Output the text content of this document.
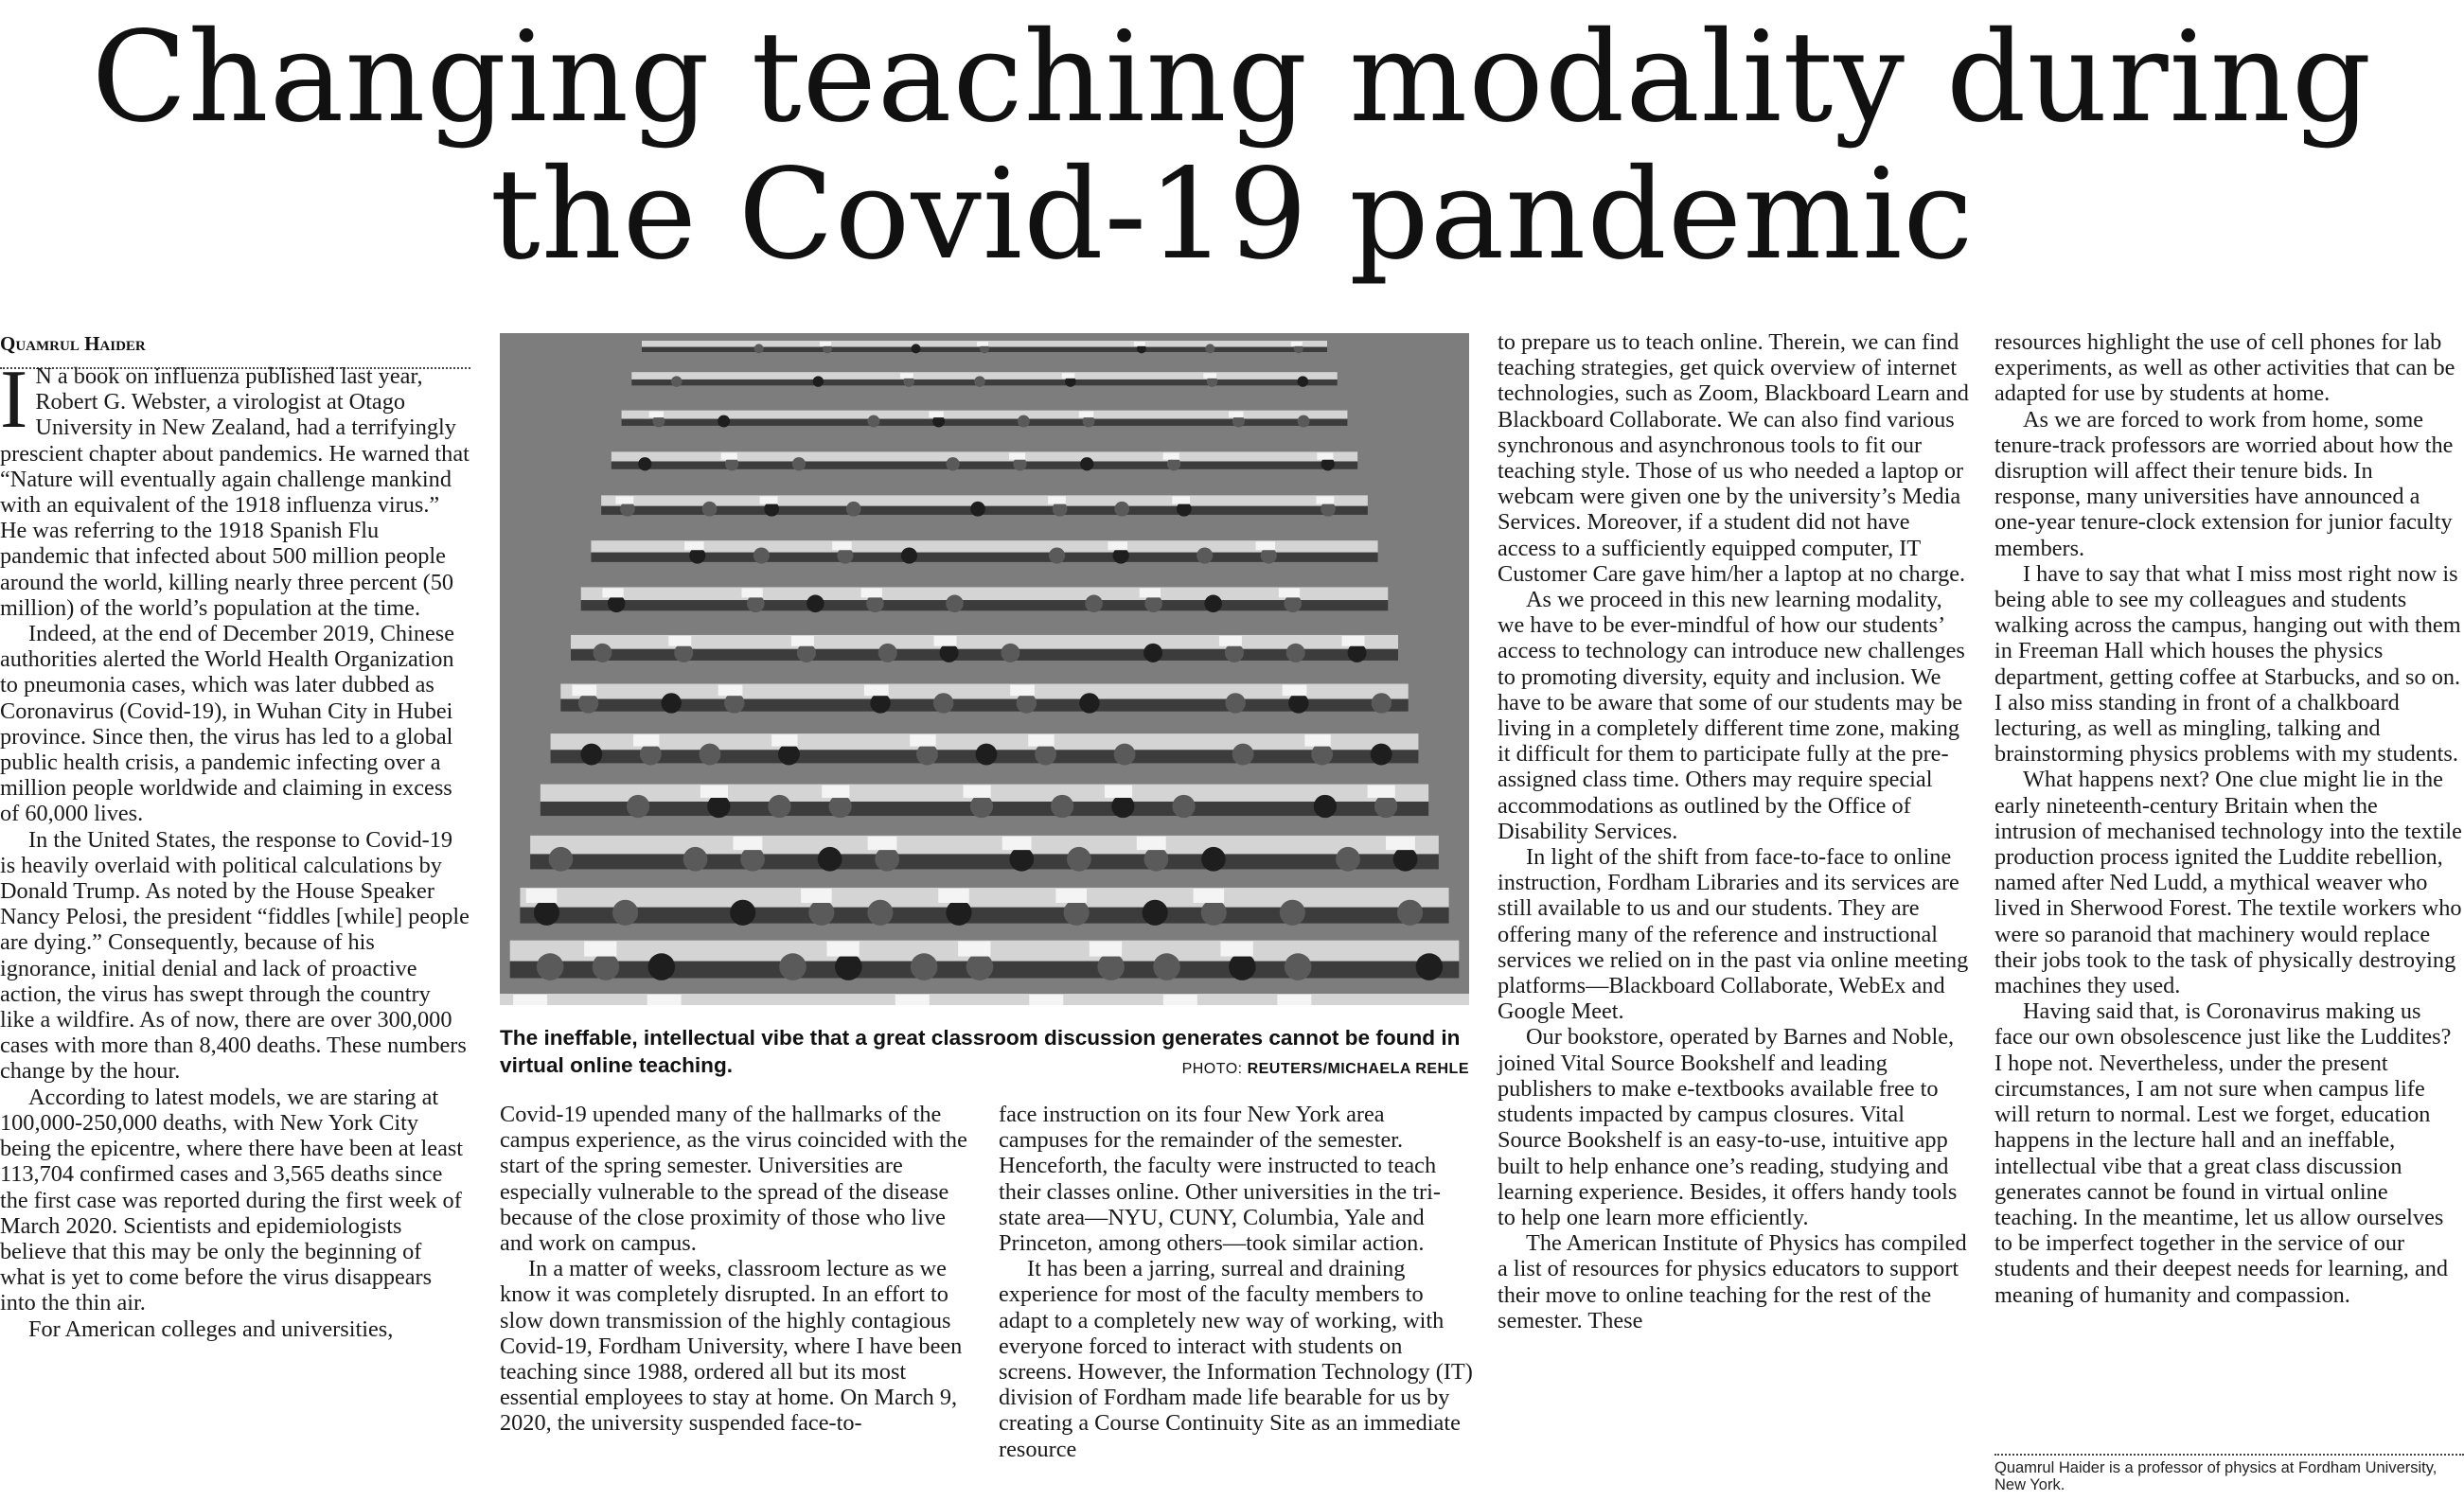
Changing teaching modality during the Covid-19 pandemic
Quamrul Haider

I N a book on influenza published last year, Robert G. Webster, a virologist at Otago University in New Zealand, had a terrifyingly prescient chapter about pandemics. He warned that “Nature will eventually again challenge mankind with an equivalent of the 1918 influenza virus.” He was referring to the 1918 Spanish Flu pandemic that infected about 500 million people around the world, killing nearly three percent (50 million) of the world’s population at the time.

Indeed, at the end of December 2019, Chinese authorities alerted the World Health Organization to pneumonia cases, which was later dubbed as Coronavirus (Covid-19), in Wuhan City in Hubei province. Since then, the virus has led to a global public health crisis, a pandemic infecting over a million people worldwide and claiming in excess of 60,000 lives.

In the United States, the response to Covid-19 is heavily overlaid with political calculations by Donald Trump. As noted by the House Speaker Nancy Pelosi, the president “fiddles [while] people are dying.” Consequently, because of his ignorance, initial denial and lack of proactive action, the virus has swept through the country like a wildfire. As of now, there are over 300,000 cases with more than 8,400 deaths. These numbers change by the hour.

According to latest models, we are staring at 100,000-250,000 deaths, with New York City being the epicentre, where there have been at least 113,704 confirmed cases and 3,565 deaths since the first case was reported during the first week of March 2020. Scientists and epidemiologists believe that this may be only the beginning of what is yet to come before the virus disappears into the thin air.

For American colleges and universities,

The ineffable, intellectual vibe that a great classroom discussion generates cannot be found in virtual online teaching.	PHOTO: REUTERS/MICHAELA REHLE

Covid-19 upended many of the hallmarks of the campus experience, as the virus coincided with the start of the spring semester. Universities are especially vulnerable to the spread of the disease because of the close proximity of those who live and work on campus.

In a matter of weeks, classroom lecture as we know it was completely disrupted. In an effort to slow down transmission of the highly contagious Covid-19, Fordham University, where I have been teaching since 1988, ordered all but its most essential employees to stay at home. On March 9, 2020, the university suspended face-to-

face instruction on its four New York area campuses for the remainder of the semester. Henceforth, the faculty were instructed to teach their classes online. Other universities in the tri-state area—NYU, CUNY, Columbia, Yale and Princeton, among others—took similar action.

It has been a jarring, surreal and draining experience for most of the faculty members to adapt to a completely new way of working, with everyone forced to interact with students on screens. However, the Information Technology (IT) division of Fordham made life bearable for us by creating a Course Continuity Site as an immediate resource

to prepare us to teach online. Therein, we can find teaching strategies, get quick overview of internet technologies, such as Zoom, Blackboard Learn and Blackboard Collaborate. We can also find various synchronous and asynchronous tools to fit our teaching style. Those of us who needed a laptop or webcam were given one by the university’s Media Services. Moreover, if a student did not have access to a sufficiently equipped computer, IT Customer Care gave him/her a laptop at no charge.

As we proceed in this new learning modality, we have to be ever-mindful of how our students’ access to technology can introduce new challenges to promoting diversity, equity and inclusion. We have to be aware that some of our students may be living in a completely different time zone, making it difficult for them to participate fully at the pre-assigned class time. Others may require special accommodations as outlined by the Office of Disability Services.

In light of the shift from face-to-face to online instruction, Fordham Libraries and its services are still available to us and our students. They are offering many of the reference and instructional services we relied on in the past via online meeting platforms—Blackboard Collaborate, WebEx and Google Meet.

Our bookstore, operated by Barnes and Noble, joined Vital Source Bookshelf and leading publishers to make e-textbooks available free to students impacted by campus closures. Vital Source Bookshelf is an easy-to-use, intuitive app built to help enhance one’s reading, studying and learning experience. Besides, it offers handy tools to help one learn more efficiently.

The American Institute of Physics has compiled a list of resources for physics educators to support their move to online teaching for the rest of the semester. These

resources highlight the use of cell phones for lab experiments, as well as other activities that can be adapted for use by students at home.

As we are forced to work from home, some tenure-track professors are worried about how the disruption will affect their tenure bids. In response, many universities have announced a one-year tenure-clock extension for junior faculty members.

I have to say that what I miss most right now is being able to see my colleagues and students walking across the campus, hanging out with them in Freeman Hall which houses the physics department, getting coffee at Starbucks, and so on. I also miss standing in front of a chalkboard lecturing, as well as mingling, talking and brainstorming physics problems with my students.

What happens next? One clue might lie in the early nineteenth-century Britain when the intrusion of mechanised technology into the textile production process ignited the Luddite rebellion, named after Ned Ludd, a mythical weaver who lived in Sherwood Forest. The textile workers who were so paranoid that machinery would replace their jobs took to the task of physically destroying machines they used.

Having said that, is Coronavirus making us face our own obsolescence just like the Luddites? I hope not. Nevertheless, under the present circumstances, I am not sure when campus life will return to normal. Lest we forget, education happens in the lecture hall and an ineffable, intellectual vibe that a great class discussion generates cannot be found in virtual online teaching. In the meantime, let us allow ourselves to be imperfect together in the service of our students and their deepest needs for learning, and meaning of humanity and compassion.

Quamrul Haider is a professor of physics at Fordham University, New York.
